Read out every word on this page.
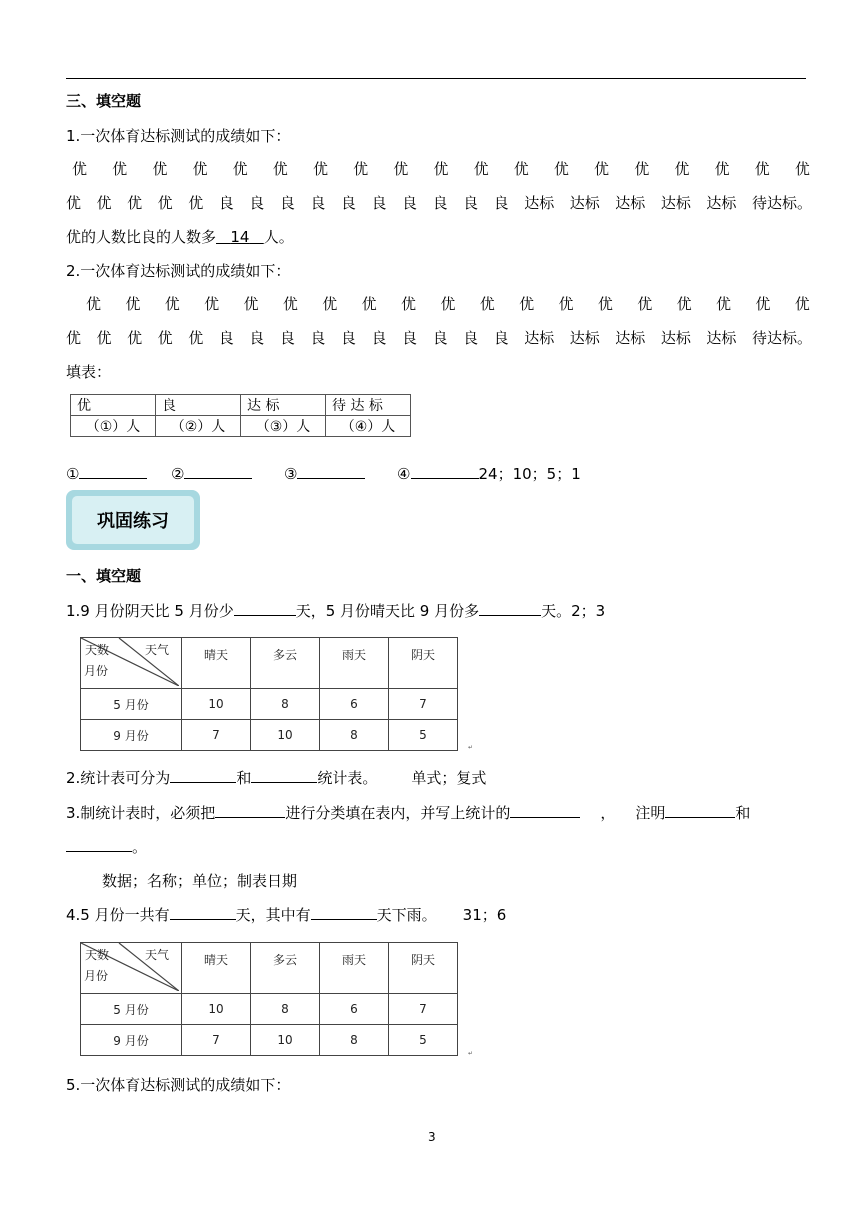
三、填空题
1.一次体育达标测试的成绩如下：
优 优 优 优 优 优 优 优 优 优 优 优 优 优 优 优 优 优 优
优 优 优 优 优 良 良 良 良 良 良 良 良 良 良 达标 达标 达标 达标 达标 待达标。
优的人数比良的人数多 14 人。
2.一次体育达标测试的成绩如下：
优 优 优 优 优 优 优 优 优 优 优 优 优 优 优 优 优 优 优
优 优 优 优 优 良 良 良 良 良 良 良 良 良 良 达标 达标 达标 达标 达标 待达标。
填表：
优	良	达 标	待 达 标
（①）人	（②）人	（③）人	（④）人
①	②	③	④	24；10；5；1
巩固练习
一、填空题
1.9 月份阴天比 5 月份少	天，5 月份晴天比 9 月份多	天。2；3
天数 天气
月份	晴天	多云	雨天	阴天
5 月份	10	8	6	7
9 月份	7	10	8	5
↵
2.统计表可分为	和	统计表。 单式；复式
3.制统计表时，必须把	进行分类填在表内，并写上统计的	， 注明	和
。
数据；名称；单位；制表日期
4.5 月份一共有	天，其中有	天下雨。 31；6
天数 天气
月份	晴天	多云	雨天	阴天
5 月份	10	8	6	7
9 月份	7	10	8	5
↵
5.一次体育达标测试的成绩如下：
3
